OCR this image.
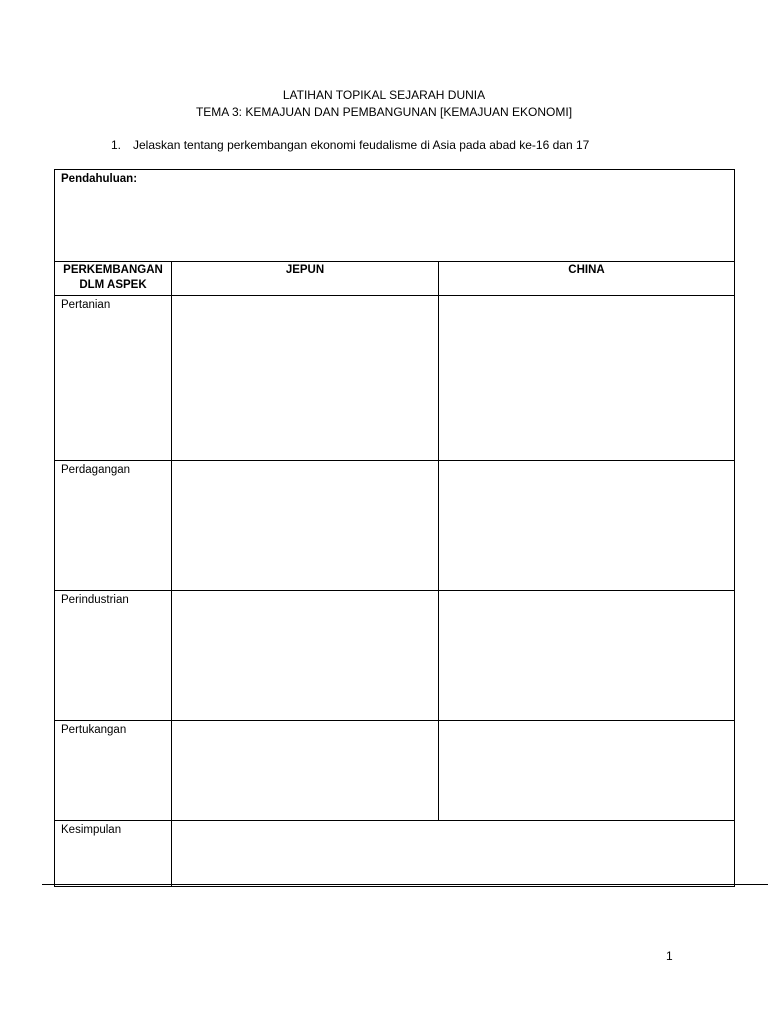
LATIHAN TOPIKAL SEJARAH DUNIA
TEMA 3: KEMAJUAN DAN PEMBANGUNAN [KEMAJUAN EKONOMI]
1. Jelaskan tentang perkembangan ekonomi feudalisme di Asia pada abad ke-16 dan 17
Pendahuluan:		
PERKEMBANGAN DLM ASPEK	JEPUN	CHINA
Pertanian		
Perdagangan		
Perindustrian		
Pertukangan		
Kesimpulan		
1
